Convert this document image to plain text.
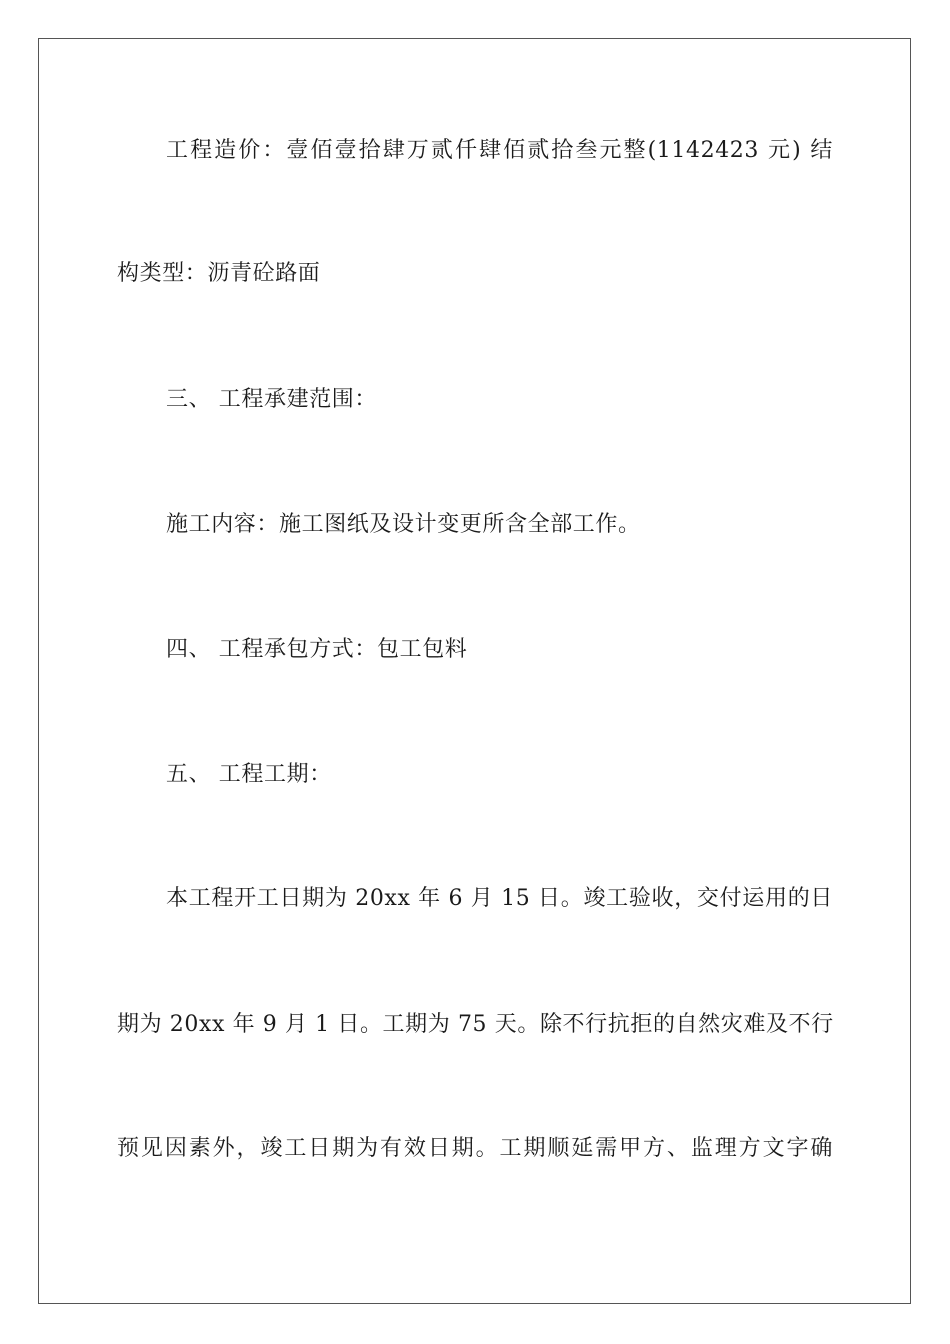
工程造价：壹佰壹拾肆万贰仟肆佰贰拾叁元整(1142423 元) 结
构类型：沥青砼路面
三、 工程承建范围：
施工内容：施工图纸及设计变更所含全部工作。
四、 工程承包方式：包工包料
五、 工程工期：
本工程开工日期为 20xx 年 6 月 15 日。竣工验收，交付运用的日
期为 20xx 年 9 月 1 日。工期为 75 天。除不行抗拒的自然灾难及不行
预见因素外，竣工日期为有效日期。工期顺延需甲方、监理方文字确
